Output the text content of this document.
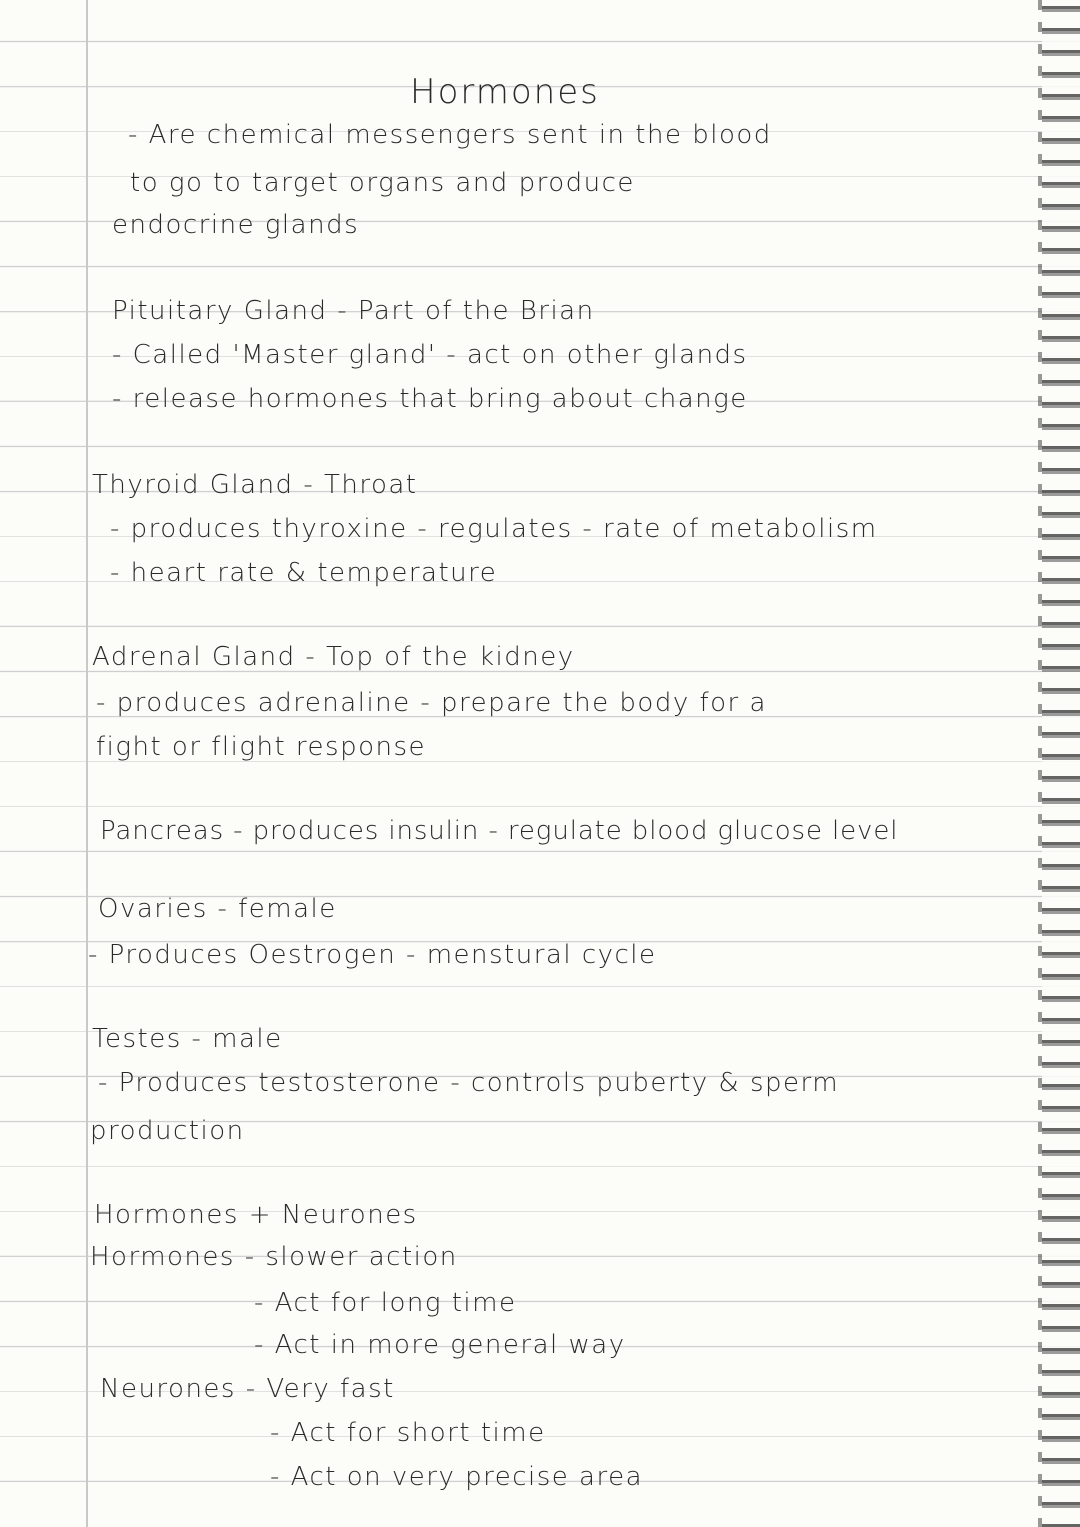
Hormones
- Are chemical messengers sent in the blood
to go to target organs and produce
endocrine glands
Pituitary Gland - Part of the Brian
- Called 'Master gland' - act on other glands
- release hormones that bring about change
Thyroid Gland - Throat
- produces thyroxine - regulates - rate of metabolism
- heart rate & temperature
Adrenal Gland - Top of the kidney
- produces adrenaline - prepare the body for a
fight or flight response
Pancreas - produces insulin - regulate blood glucose level
Ovaries - female
- Produces Oestrogen - menstural cycle
Testes - male
- Produces testosterone - controls puberty & sperm
production
Hormones + Neurones
Hormones - slower action
- Act for long time
- Act in more general way
Neurones - Very fast
- Act for short time
- Act on very precise area
